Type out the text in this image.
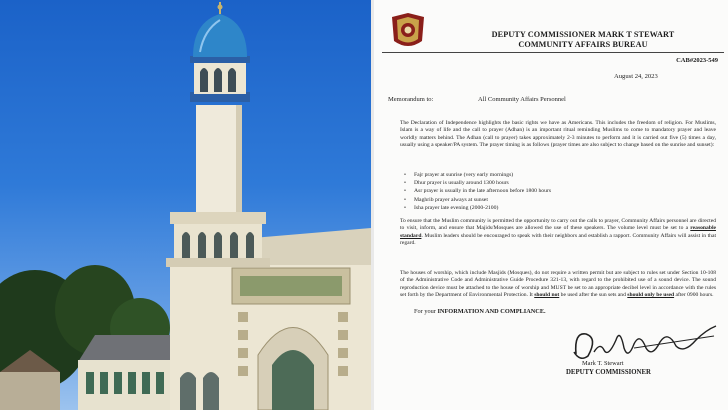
DEPUTY COMMISSIONER MARK T STEWART
COMMUNITY AFFAIRS BUREAU
CAB#2023-549
August 24, 2023
Memorandum to:	All Community Affairs Personnel

The Declaration of Independence highlights the basic rights we have as Americans. This includes the freedom of religion. For Muslims, Islam is a way of life and the call to prayer (Adhan) is an important ritual reminding Muslims to come to mandatory prayer and leave worldly matters behind. The Adhan (call to prayer) takes approximately 2-3 minutes to perform and it is carried out five (5) times a day, usually using a speaker/PA system. The prayer timing is as follows (prayer times are also subject to change based on the sunrise and sunset):

• Fajr prayer at sunrise (very early mornings)
• Dhur prayer is usually around 1300 hours
• Asr prayer is usually in the late afternoon before 1800 hours
• Maghrib prayer always at sunset
• Isha prayer late evening (2000-2100)

To ensure that the Muslim community is permitted the opportunity to carry out the calls to prayer, Community Affairs personnel are directed to visit, inform, and ensure that Majids/Mosques are allowed the use of these speakers. The volume level must be set to a reasonable standard. Muslim leaders should be encouraged to speak with their neighbors and establish a rapport. Community Affairs will assist in that regard.

The houses of worship, which include Masjids (Mosques), do not require a written permit but are subject to rules set under Section 10-108 of the Administrative Code and Administrative Guide Procedure 321-13, with regard to the prohibited use of a sound device. The sound reproduction device must be attached to the house of worship and MUST be set to an appropriate decibel level in accordance with the rules set forth by the Department of Environmental Protection. It should not be used after the sun sets and should only be used after 0900 hours.

For your INFORMATION AND COMPLIANCE.
Mark T. Stewart
DEPUTY COMMISSIONER
